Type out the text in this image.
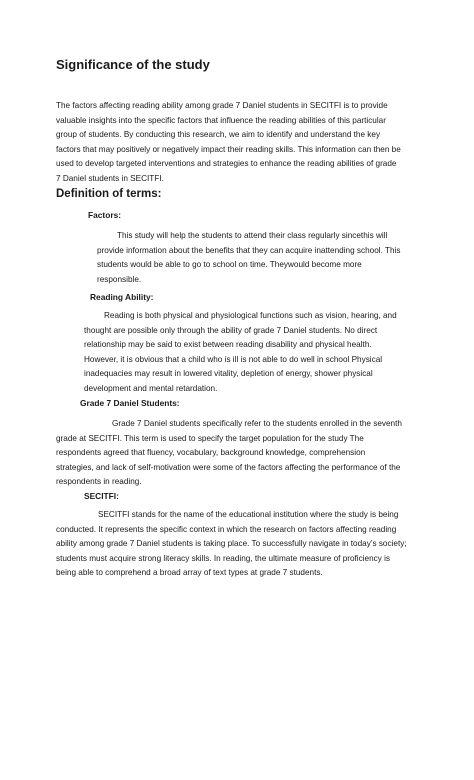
Significance of the study

The factors affecting reading ability among grade 7 Daniel students in SECITFI is to provide
valuable insights into the specific factors that influence the reading abilities of this particular
group of students. By conducting this research, we aim to identify and understand the key
factors that may positively or negatively impact their reading skills. This information can then be
used to develop targeted interventions and strategies to enhance the reading abilities of grade
7 Daniel students in SECITFI.

Definition of terms:
Factors:

This study will help the students to attend their class regularly sincethis will
provide information about the benefits that they can acquire inattending school. This
students would be able to go to school on time. Theywould become more
responsible.

Reading Ability:

Reading is both physical and physiological functions such as vision, hearing, and
thought are possible only through the ability of grade 7 Daniel students. No direct
relationship may be said to exist between reading disability and physical health.
However, it is obvious that a child who is ill is not able to do well in school Physical
inadequacies may result in lowered vitality, depletion of energy, shower physical
development and mental retardation.

Grade 7 Daniel Students:

Grade 7 Daniel students specifically refer to the students enrolled in the seventh
grade at SECITFI. This term is used to specify the target population for the study The
respondents agreed that fluency, vocabulary, background knowledge, comprehension
strategies, and lack of self-motivation were some of the factors affecting the performance of the
respondents in reading.

SECITFI:

SECITFI stands for the name of the educational institution where the study is being
conducted. It represents the specific context in which the research on factors affecting reading
ability among grade 7 Daniel students is taking place. To successfully navigate in today’s society;
students must acquire strong literacy skills. In reading, the ultimate measure of proficiency is
being able to comprehend a broad array of text types at grade 7 students.
